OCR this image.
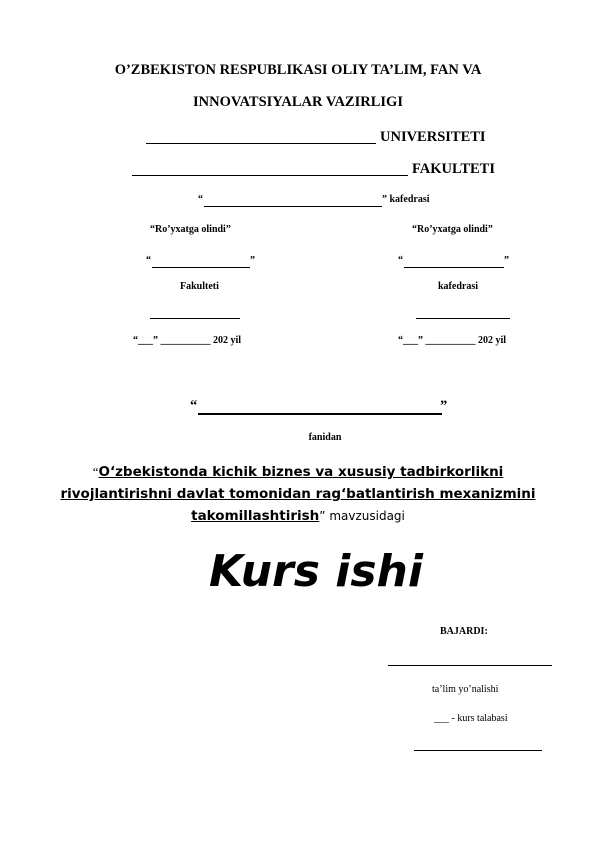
O’ZBEKISTON RESPUBLIKASI OLIY TA’LIM, FAN VA
INNOVATSIYALAR VAZIRLIGI
UNIVERSITETI
FAKULTETI
“	” kafedrasi
“Ro’yxatga olindi”
“	”
Fakulteti
“___” __________ 202 yil
“Ro’yxatga olindi”
“	”
kafedrasi
“___” __________ 202 yil
“	”
fanidan
“O‘zbekistonda kichik biznes va xususiy tadbirkorlikni
rivojlantirishni davlat tomonidan rag‘batlantirish mexanizmini
takomillashtirish” mavzusidagi
Kurs ishi
BAJARDI:
ta’lim yo’nalishi
___ - kurs talabasi
